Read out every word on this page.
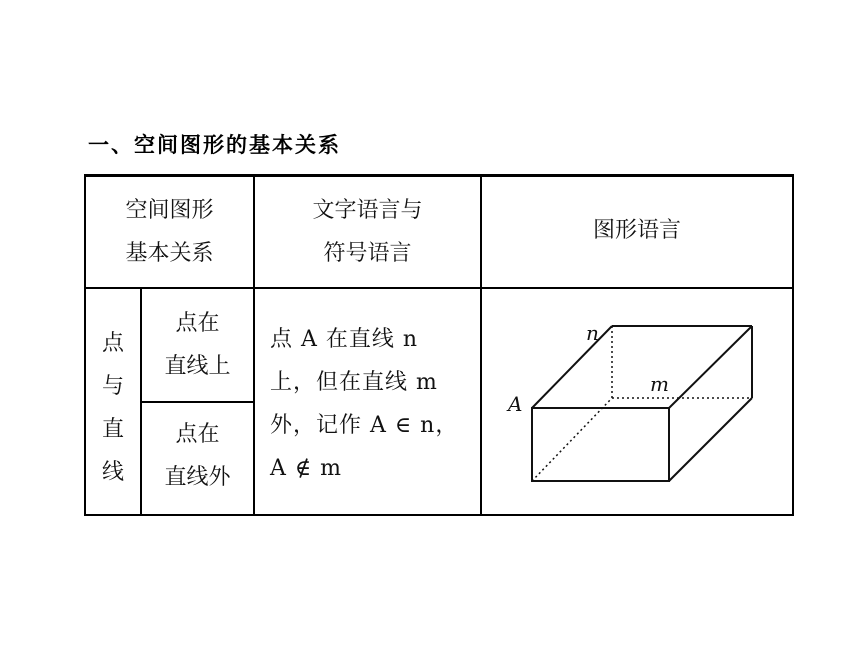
一、空间图形的基本关系
空间图形
基本关系
文字语言与
符号语言
图形语言
点
与
直
线
点在
直线上
点在
直线外
点 A 在直线 n
上，但在直线 m
外，记作 A ∈ n，
A ∉ m
n
m
A
